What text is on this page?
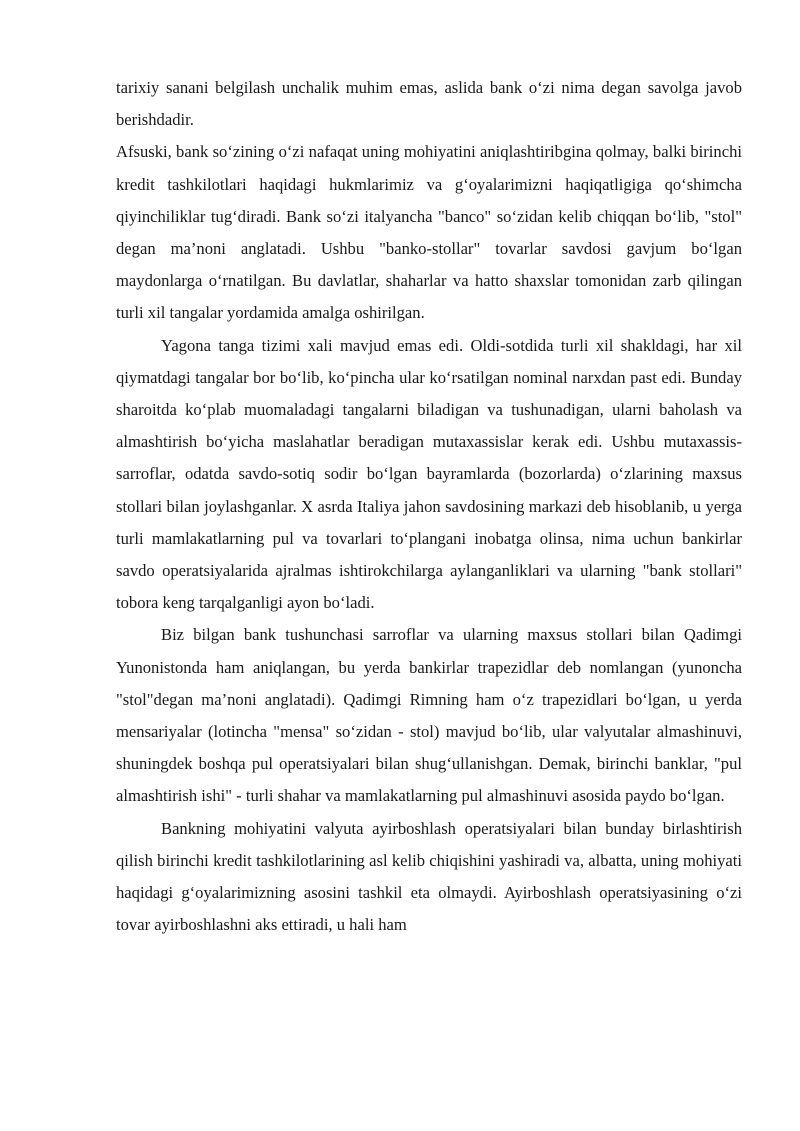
tarixiy sanani belgilash unchalik muhim emas, aslida bank o‘zi nima degan savolga javob berishdadir.

Afsuski, bank so‘zining o‘zi nafaqat uning mohiyatini aniqlashtiribgina qolmay, balki birinchi kredit tashkilotlari haqidagi hukmlarimiz va g‘oyalarimizni haqiqatligiga qo‘shimcha qiyinchiliklar tug‘diradi. Bank so‘zi italyancha "banco" so‘zidan kelib chiqqan bo‘lib, "stol" degan ma’noni anglatadi. Ushbu "banko-stollar" tovarlar savdosi gavjum bo‘lgan maydonlarga o‘rnatilgan. Bu davlatlar, shaharlar va hatto shaxslar tomonidan zarb qilingan turli xil tangalar yordamida amalga oshirilgan.

Yagona tanga tizimi xali mavjud emas edi. Oldi-sotdida turli xil shakldagi, har xil qiymatdagi tangalar bor bo‘lib, ko‘pincha ular ko‘rsatilgan nominal narxdan past edi. Bunday sharoitda ko‘plab muomaladagi tangalarni biladigan va tushunadigan, ularni baholash va almashtirish bo‘yicha maslahatlar beradigan mutaxassislar kerak edi. Ushbu mutaxassis-sarroflar, odatda savdo-sotiq sodir bo‘lgan bayramlarda (bozorlarda) o‘zlarining maxsus stollari bilan joylashganlar. X asrda Italiya jahon savdosining markazi deb hisoblanib, u yerga turli mamlakatlarning pul va tovarlari to‘plangani inobatga olinsa, nima uchun bankirlar savdo operatsiyalarida ajralmas ishtirokchilarga aylanganliklari va ularning "bank stollari" tobora keng tarqalganligi ayon bo‘ladi.

Biz bilgan bank tushunchasi sarroflar va ularning maxsus stollari bilan Qadimgi Yunonistonda ham aniqlangan, bu yerda bankirlar trapezidlar deb nomlangan (yunoncha "stol"degan ma’noni anglatadi). Qadimgi Rimning ham o‘z trapezidlari bo‘lgan, u yerda mensariyalar (lotincha "mensa" so‘zidan - stol) mavjud bo‘lib, ular valyutalar almashinuvi, shuningdek boshqa pul operatsiyalari bilan shug‘ullanishgan. Demak, birinchi banklar, "pul almashtirish ishi" - turli shahar va mamlakatlarning pul almashinuvi asosida paydo bo‘lgan.

Bankning mohiyatini valyuta ayirboshlash operatsiyalari bilan bunday birlashtirish qilish birinchi kredit tashkilotlarining asl kelib chiqishini yashiradi va, albatta, uning mohiyati haqidagi g‘oyalarimizning asosini tashkil eta olmaydi. Ayirboshlash operatsiyasining o‘zi tovar ayirboshlashni aks ettiradi, u hali ham
